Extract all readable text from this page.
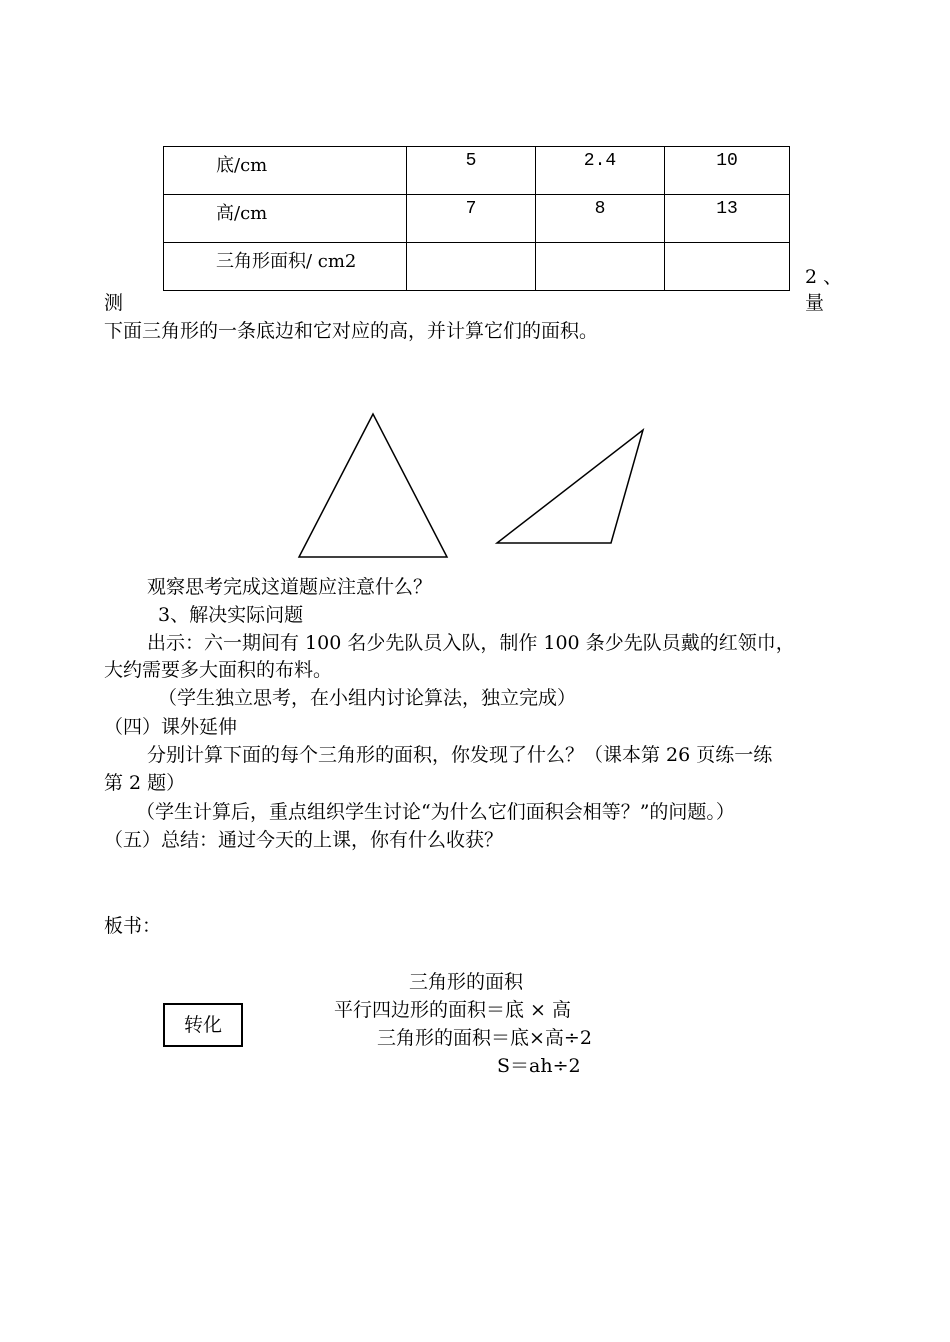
底/cm	5	2.4	10
高/cm	7	8	13
三角形面积/ cm2			
2 、
测	量
下面三角形的一条底边和它对应的高，并计算它们的面积。
观察思考完成这道题应注意什么？
3、解决实际问题
出示：六一期间有 100 名少先队员入队，制作 100 条少先队员戴的红领巾，
大约需要多大面积的布料。
（学生独立思考，在小组内讨论算法，独立完成）
（四）课外延伸
分别计算下面的每个三角形的面积，你发现了什么？（课本第 26 页练一练
第 2 题）
（学生计算后，重点组织学生讨论“为什么它们面积会相等？”的问题。）
（五）总结：通过今天的上课，你有什么收获？
板书：
转化
三角形的面积
平行四边形的面积＝底 × 高
三角形的面积＝底×高÷2
S＝ah÷2
